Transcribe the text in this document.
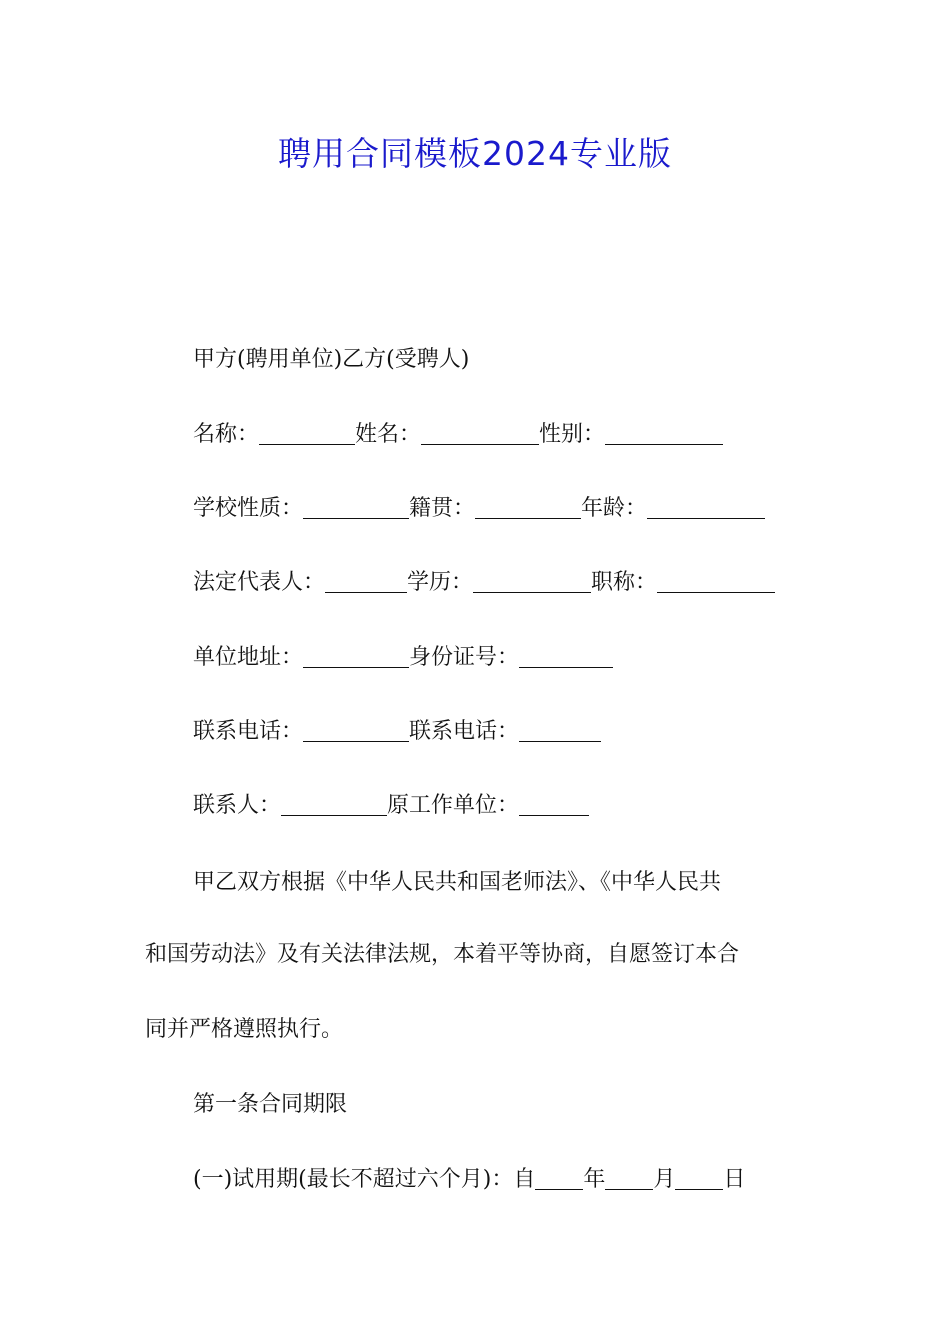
聘用合同模板2024专业版
甲方(聘用单位)乙方(受聘人)
名称：	姓名：	性别：
学校性质：	籍贯：	年龄：
法定代表人：	学历：	职称：
单位地址：	身份证号：
联系电话：	联系电话：
联系人：	原工作单位：
甲乙双方根据《中华人民共和国老师法》、《中华人民共
和国劳动法》及有关法律法规，本着平等协商，自愿签订本合
同并严格遵照执行。
第一条合同期限
(一)试用期(最长不超过六个月)：自 年 月 日
